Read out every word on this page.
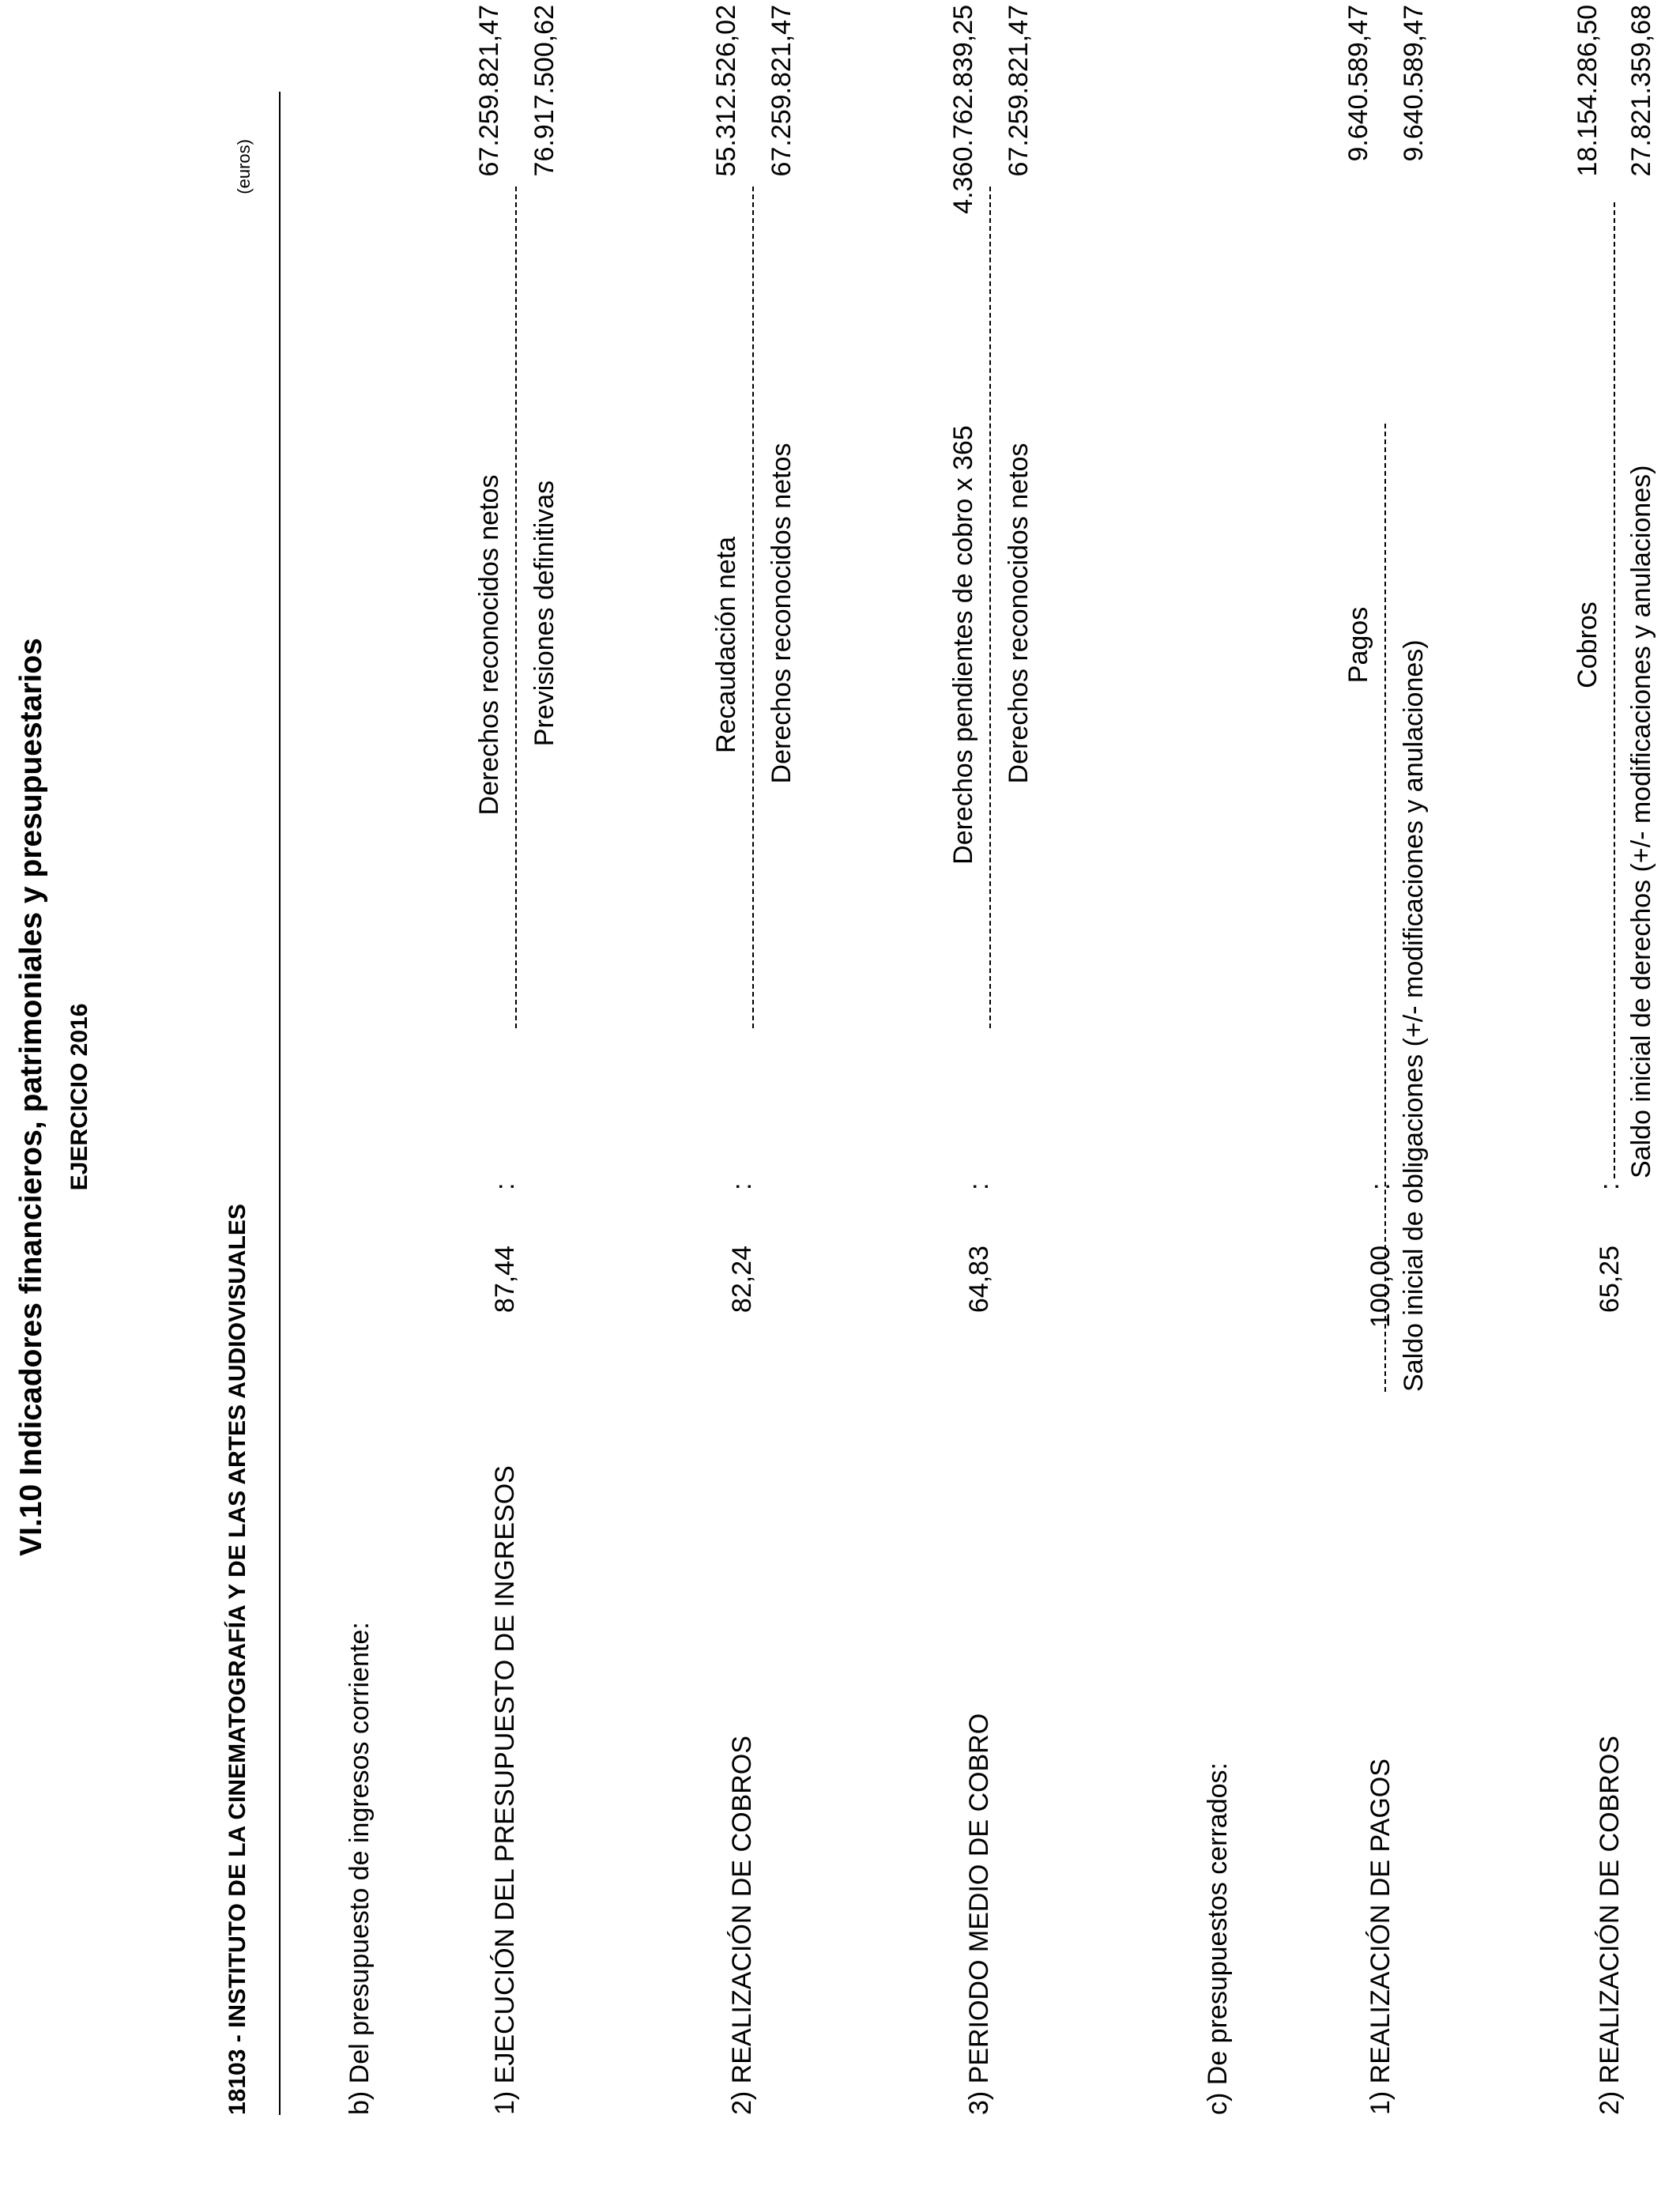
VI.10 Indicadores financieros, patrimoniales y presupuestarios EJERCICIO 2016
18103 - INSTITUTO DE LA CINEMATOGRAFÍA Y DE LAS ARTES AUDIOVISUALES
(euros)
b) Del presupuesto de ingresos corriente:	1) EJECUCIÓN DEL PRESUPUESTO DE INGRESOS
87,44
:
Derechos reconocidos netos Previsiones definitivas
67.259.821,47 76.917.500,62
2) REALIZACIÓN DE COBROS
82,24
:
Recaudación neta Derechos reconocidos netos
55.312.526,02 67.259.821,47
3) PERIODO MEDIO DE COBRO
64,83
:
Derechos pendientes de cobro x 365 Derechos reconocidos netos
4.360.762.839,25 67.259.821,47
c) De presupuestos cerrados:	1) REALIZACIÓN DE PAGOS
100,00
:
Pagos Saldo inicial de obligaciones (+/- modificaciones y anulaciones)
9.640.589,47 9.640.589,47
2) REALIZACIÓN DE COBROS
65,25
:
Cobros Saldo inicial de derechos (+/- modificaciones y anulaciones)
18.154.286,50 27.821.359,68
